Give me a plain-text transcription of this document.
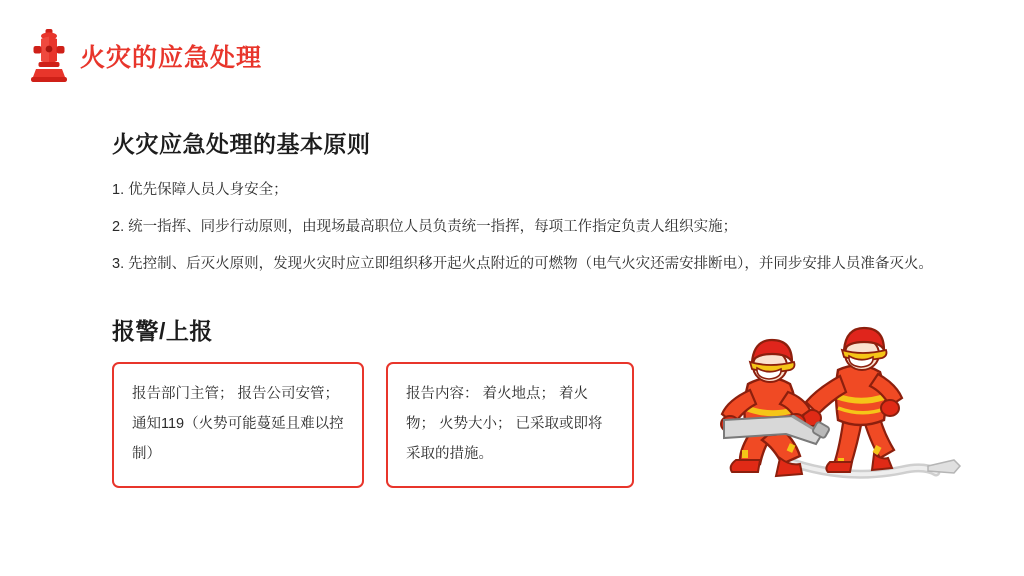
火灾的应急处理
火灾应急处理的基本原则
1. 优先保障人员人身安全；
2. 统一指挥、同步行动原则，由现场最高职位人员负责统一指挥，每项工作指定负责人组织实施；
3. 先控制、后灭火原则，发现火灾时应立即组织移开起火点附近的可燃物（电气火灾还需安排断电），并同步安排人员准备灭火。
报警/上报
报告部门主管； 报告公司安管； 通知119（火势可能蔓延且难以控制）
报告内容： 着火地点； 着火物； 火势大小； 已采取或即将采取的措施。
